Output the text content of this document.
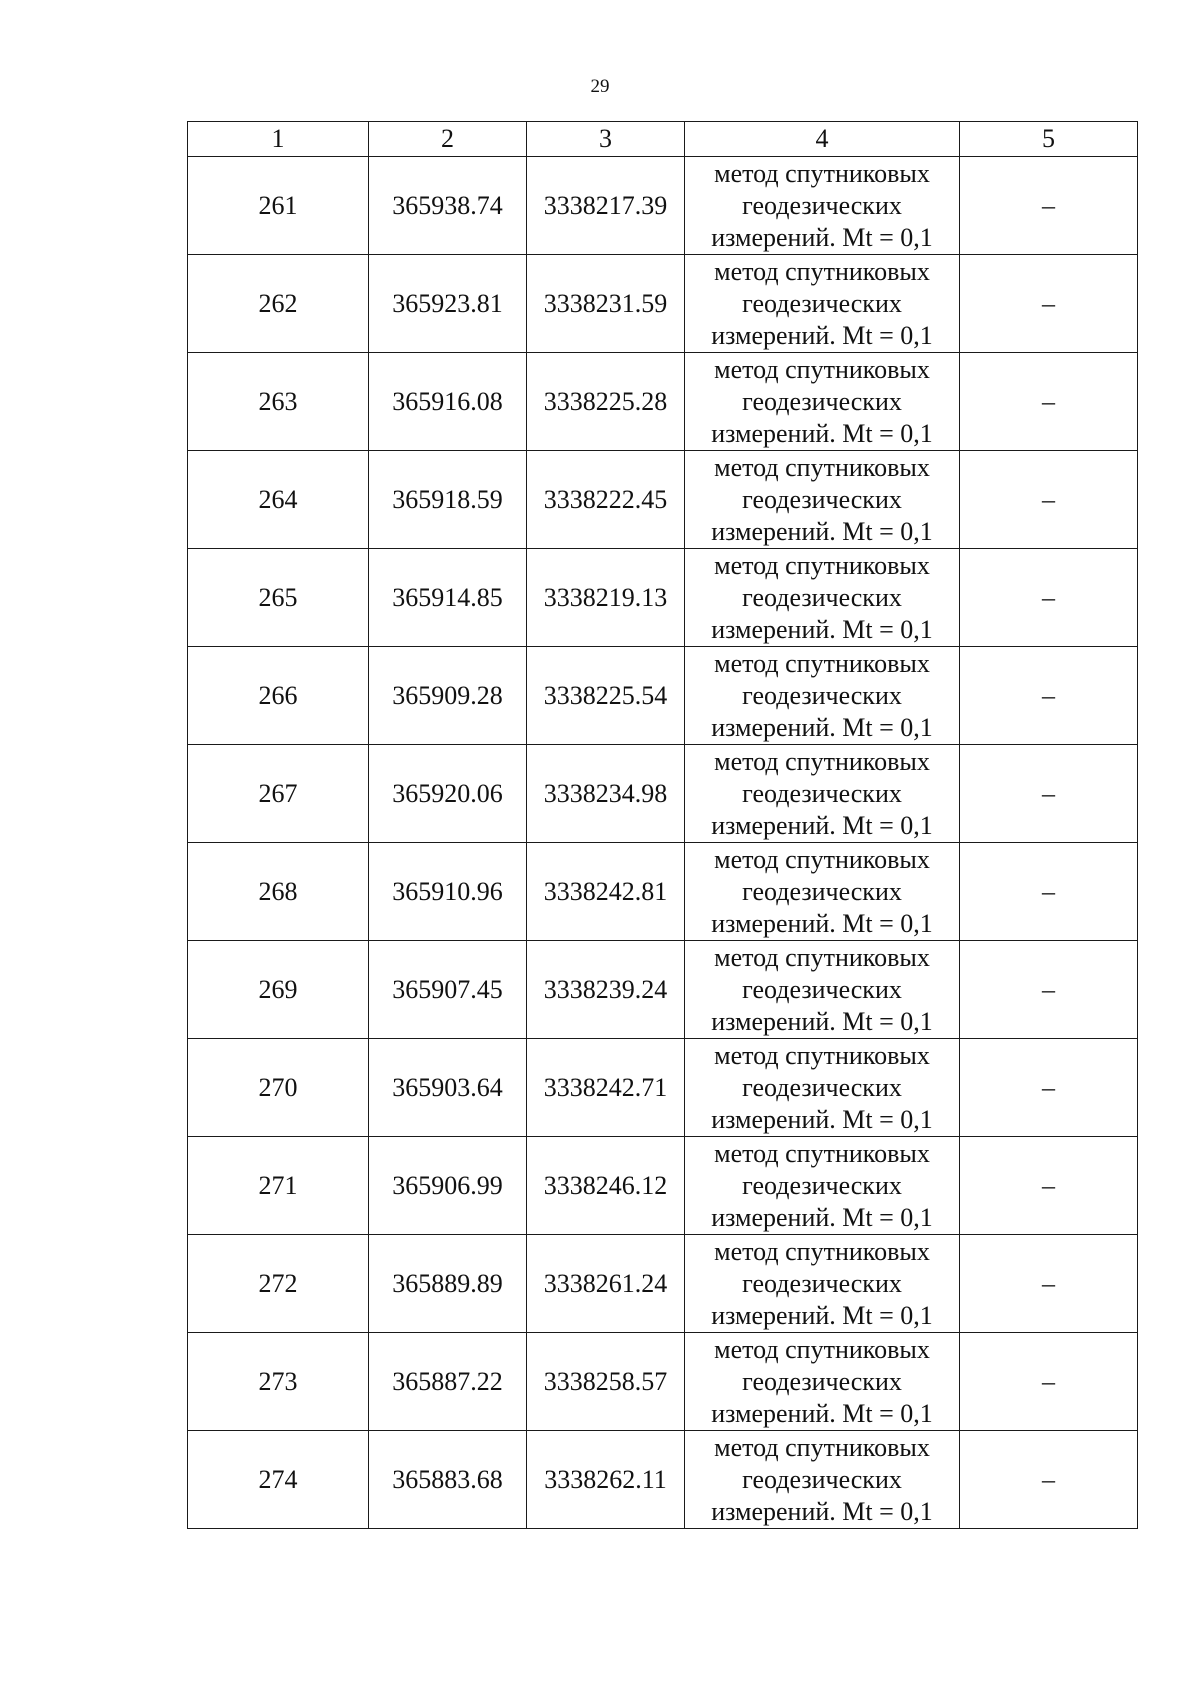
29
1	2	3	4	5
261	365938.74	3338217.39	метод спутниковых
геодезических
измерений. Mt = 0,1	–
262	365923.81	3338231.59	метод спутниковых
геодезических
измерений. Mt = 0,1	–
263	365916.08	3338225.28	метод спутниковых
геодезических
измерений. Mt = 0,1	–
264	365918.59	3338222.45	метод спутниковых
геодезических
измерений. Mt = 0,1	–
265	365914.85	3338219.13	метод спутниковых
геодезических
измерений. Mt = 0,1	–
266	365909.28	3338225.54	метод спутниковых
геодезических
измерений. Mt = 0,1	–
267	365920.06	3338234.98	метод спутниковых
геодезических
измерений. Mt = 0,1	–
268	365910.96	3338242.81	метод спутниковых
геодезических
измерений. Mt = 0,1	–
269	365907.45	3338239.24	метод спутниковых
геодезических
измерений. Mt = 0,1	–
270	365903.64	3338242.71	метод спутниковых
геодезических
измерений. Mt = 0,1	–
271	365906.99	3338246.12	метод спутниковых
геодезических
измерений. Mt = 0,1	–
272	365889.89	3338261.24	метод спутниковых
геодезических
измерений. Mt = 0,1	–
273	365887.22	3338258.57	метод спутниковых
геодезических
измерений. Mt = 0,1	–
274	365883.68	3338262.11	метод спутниковых
геодезических
измерений. Mt = 0,1	–
